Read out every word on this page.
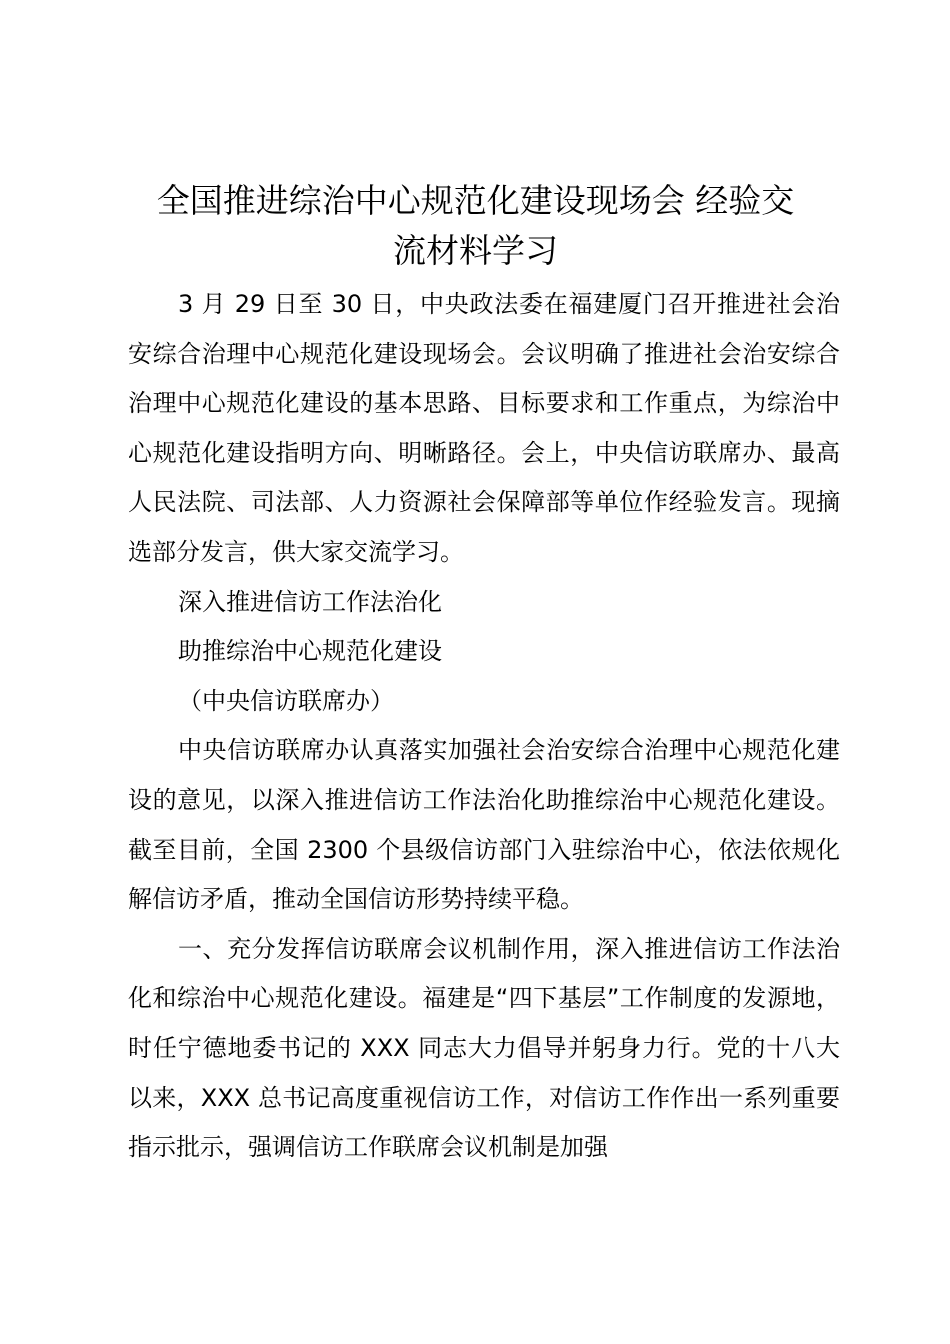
全国推进综治中心规范化建设现场会 经验交
流材料学习

3 月 29 日至 30 日，中央政法委在福建厦门召开推进社会治安综合治理中心规范化建设现场会。会议明确了推进社会治安综合治理中心规范化建设的基本思路、目标要求和工作重点，为综治中心规范化建设指明方向、明晰路径。会上，中央信访联席办、最高人民法院、司法部、人力资源社会保障部等单位作经验发言。现摘选部分发言，供大家交流学习。

深入推进信访工作法治化

助推综治中心规范化建设

（中央信访联席办）

中央信访联席办认真落实加强社会治安综合治理中心规范化建设的意见，以深入推进信访工作法治化助推综治中心规范化建设。截至目前，全国 2300 个县级信访部门入驻综治中心，依法依规化解信访矛盾，推动全国信访形势持续平稳。

一、充分发挥信访联席会议机制作用，深入推进信访工作法治化和综治中心规范化建设。福建是“四下基层”工作制度的发源地，时任宁德地委书记的 XXX 同志大力倡导并躬身力行。党的十八大以来，XXX 总书记高度重视信访工作，对信访工作作出一系列重要指示批示，强调信访工作联席会议机制是加强
